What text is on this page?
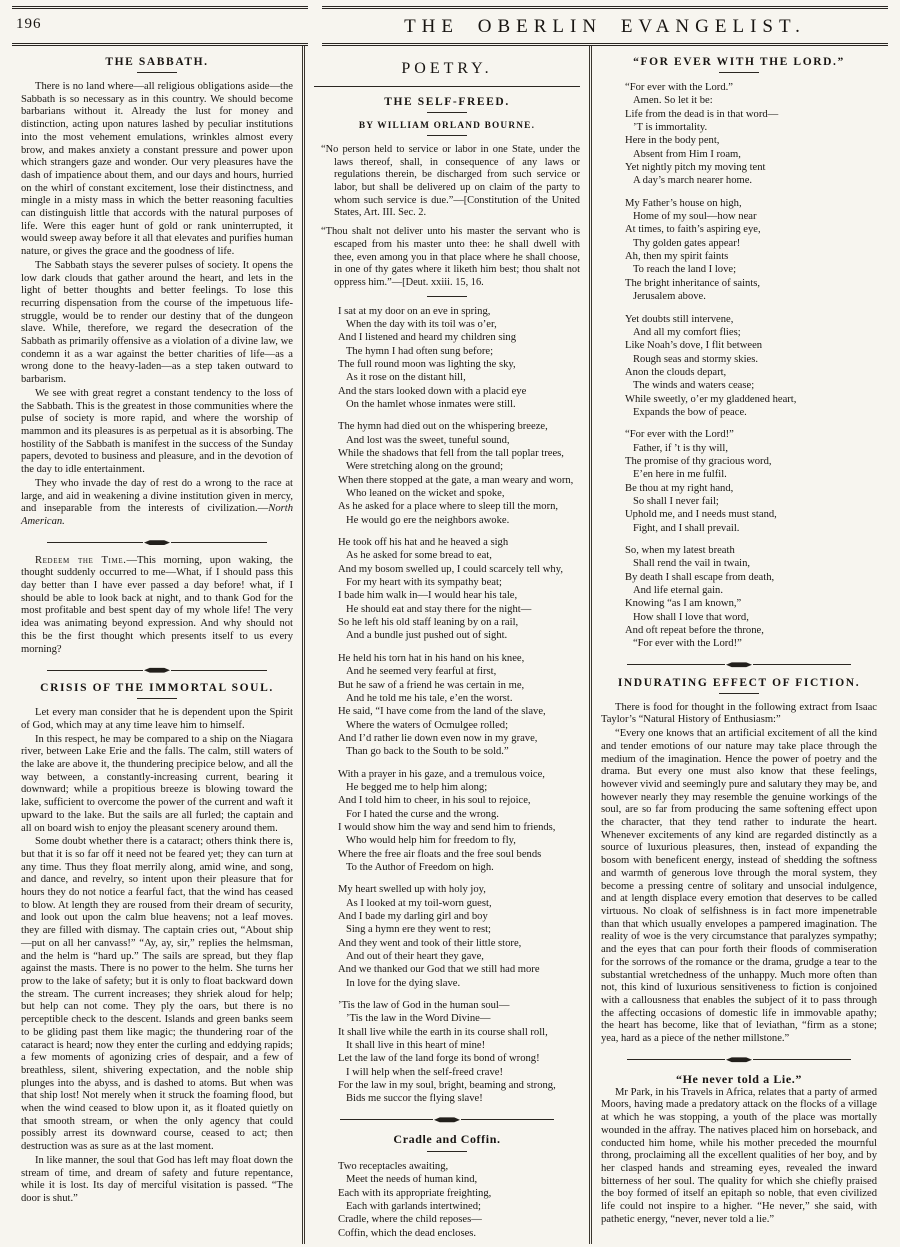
196	THE OBERLIN EVANGELIST.
THE SABBATH.

There is no land where—all religious obligations aside—the Sabbath is so necessary as in this country. We should become barbarians without it. Already the lust for money and distinction, acting upon natures lashed by peculiar institutions into the most vehement emulations, wrinkles almost every brow, and makes anxiety a constant pressure and power upon which strangers gaze and wonder. Our very pleasures have the dash of impatience about them, and our days and hours, hurried on the whirl of constant excitement, lose their distinctness, and mingle in a misty mass in which the better reasoning faculties can distinguish little that accords with the natural purposes of life. Were this eager hunt of gold or rank uninterrupted, it would sweep away before it all that elevates and purifies human nature, or gives the grace and the goodness of life.

The Sabbath stays the severer pulses of society. It opens the low dark clouds that gather around the heart, and lets in the light of better thoughts and better feelings. To lose this recurring dispensation from the course of the impetuous life-struggle, would be to render our destiny that of the dungeon slave. While, therefore, we regard the desecration of the Sabbath as primarily offensive as a violation of a divine law, we condemn it as a war against the better charities of life—as a wrong done to the heavy-laden—as a step taken outward to barbarism.

We see with great regret a constant tendency to the loss of the Sabbath. This is the greatest in those communities where the pulse of society is more rapid, and where the worship of mammon and its pleasures is as perpetual as it is absorbing. The hostility of the Sabbath is manifest in the success of the Sunday papers, devoted to business and pleasure, and in the devotion of the day to idle entertainment.

They who invade the day of rest do a wrong to the race at large, and aid in weakening a divine institution given in mercy, and inseparable from the interests of civilization.—North American.

Redeem the Time.—This morning, upon waking, the thought suddenly occurred to me—What, if I should pass this day better than I have ever passed a day before! what, if I should be able to look back at night, and to thank God for the most profitable and best spent day of my whole life! The very idea was animating beyond expression. And why should not this be the first thought which presents itself to us every morning?

CRISIS OF THE IMMORTAL SOUL.

Let every man consider that he is dependent upon the Spirit of God, which may at any time leave him to himself.

In this respect, he may be compared to a ship on the Niagara river, between Lake Erie and the falls. The calm, still waters of the lake are above it, the thundering precipice below, and all the way between, a constantly-increasing current, bearing it downward; while a propitious breeze is blowing toward the lake, sufficient to overcome the power of the current and waft it upward to the lake. But the sails are all furled; the captain and all on board wish to enjoy the pleasant scenery around them.

Some doubt whether there is a cataract; others think there is, but that it is so far off it need not be feared yet; they can turn at any time. Thus they float merrily along, amid wine, and song, and dance, and revelry, so intent upon their pleasure that for hours they do not notice a fearful fact, that the wind has ceased to blow. At length they are roused from their dream of security, and look out upon the calm blue heavens; not a leaf moves. they are filled with dismay. The captain cries out, “About ship—put on all her canvass!” “Ay, ay, sir,” replies the helmsman, and the helm is “hard up.” The sails are spread, but they flap against the masts. There is no power to the helm. She turns her prow to the lake of safety; but it is only to float backward down the stream. The current increases; they shriek aloud for help; but help can not come. They ply the oars, but there is no perceptible check to the descent. Islands and green banks seem to be gliding past them like magic; the thundering roar of the cataract is heard; now they enter the curling and eddying rapids; a few moments of agonizing cries of despair, and a few of breathless, silent, shivering expectation, and the noble ship plunges into the abyss, and is dashed to atoms. But when was that ship lost! Not merely when it struck the foaming flood, but when the wind ceased to blow upon it, as it floated quietly on that smooth stream, or when the only agency that could possibly arrest its downward course, ceased to act; then destruction was as sure as at the last moment.

In like manner, the soul that God has left may float down the stream of time, and dream of safety and future repentance, while it is lost. Its day of merciful visitation is passed. “The door is shut.”

POETRY.
THE SELF-FREED.
BY WILLIAM ORLAND BOURNE.

“No person held to service or labor in one State, under the laws thereof, shall, in consequence of any laws or regulations therein, be discharged from such service or labor, but shall be delivered up on claim of the party to whom such service is due.”—[Constitution of the United States, Art. III. Sec. 2.

“Thou shalt not deliver unto his master the servant who is escaped from his master unto thee: he shall dwell with thee, even among you in that place where he shall choose, in one of thy gates where it liketh him best; thou shalt not oppress him.”—[Deut. xxiii. 15, 16.

I sat at my door on an eve in spring,
When the day with its toil was o’er,
And I listened and heard my children sing
The hymn I had often sung before;
The full round moon was lighting the sky,
As it rose on the distant hill,
And the stars looked down with a placid eye
On the hamlet whose inmates were still.
The hymn had died out on the whispering breeze,
And lost was the sweet, tuneful sound,
While the shadows that fell from the tall poplar trees,
Were stretching along on the ground;
When there stopped at the gate, a man weary and worn,
Who leaned on the wicket and spoke,
As he asked for a place where to sleep till the morn,
He would go ere the neighbors awoke.
He took off his hat and he heaved a sigh
As he asked for some bread to eat,
And my bosom swelled up, I could scarcely tell why,
For my heart with its sympathy beat;
I bade him walk in—I would hear his tale,
He should eat and stay there for the night—
So he left his old staff leaning by on a rail,
And a bundle just pushed out of sight.
He held his torn hat in his hand on his knee,
And he seemed very fearful at first,
But he saw of a friend he was certain in me,
And he told me his tale, e’en the worst.
He said, “I have come from the land of the slave,
Where the waters of Ocmulgee rolled;
And I’d rather lie down even now in my grave,
Than go back to the South to be sold.”
With a prayer in his gaze, and a tremulous voice,
He begged me to help him along;
And I told him to cheer, in his soul to rejoice,
For I hated the curse and the wrong.
I would show him the way and send him to friends,
Who would help him for freedom to fly,
Where the free air floats and the free soul bends
To the Author of Freedom on high.
My heart swelled up with holy joy,
As I looked at my toil-worn guest,
And I bade my darling girl and boy
Sing a hymn ere they went to rest;
And they went and took of their little store,
And out of their heart they gave,
And we thanked our God that we still had more
In love for the dying slave.
’Tis the law of God in the human soul—
’Tis the law in the Word Divine—
It shall live while the earth in its course shall roll,
It shall live in this heart of mine!
Let the law of the land forge its bond of wrong!
I will help when the self-freed crave!
For the law in my soul, bright, beaming and strong,
Bids me succor the flying slave!
Cradle and Coffin.
Two receptacles awaiting,
Meet the needs of human kind,
Each with its appropriate freighting,
Each with garlands intertwined;
Cradle, where the child reposes—
Coffin, which the dead encloses.
“FOR EVER WITH THE LORD.”
“For ever with the Lord.”
Amen. So let it be:
Life from the dead is in that word—
’T is immortality.
Here in the body pent,
Absent from Him I roam,
Yet nightly pitch my moving tent
A day’s march nearer home.
My Father’s house on high,
Home of my soul—how near
At times, to faith’s aspiring eye,
Thy golden gates appear!
Ah, then my spirit faints
To reach the land I love;
The bright inheritance of saints,
Jerusalem above.
Yet doubts still intervene,
And all my comfort flies;
Like Noah’s dove, I flit between
Rough seas and stormy skies.
Anon the clouds depart,
The winds and waters cease;
While sweetly, o’er my gladdened heart,
Expands the bow of peace.
“For ever with the Lord!”
Father, if ’t is thy will,
The promise of thy gracious word,
E’en here in me fulfil.
Be thou at my right hand,
So shall I never fail;
Uphold me, and I needs must stand,
Fight, and I shall prevail.
So, when my latest breath
Shall rend the vail in twain,
By death I shall escape from death,
And life eternal gain.
Knowing “as I am known,”
How shall I love that word,
And oft repeat before the throne,
“For ever with the Lord!”
INDURATING EFFECT OF FICTION.

There is food for thought in the following extract from Isaac Taylor’s “Natural History of Enthusiasm:”

“Every one knows that an artificial excitement of all the kind and tender emotions of our nature may take place through the medium of the imagination. Hence the power of poetry and the drama. But every one must also know that these feelings, however vivid and seemingly pure and salutary they may be, and however nearly they may resemble the genuine workings of the soul, are so far from producing the same softening effect upon the character, that they tend rather to indurate the heart. Whenever excitements of any kind are regarded distinctly as a source of luxurious pleasures, then, instead of expanding the bosom with beneficent energy, instead of shedding the softness and warmth of generous love through the moral system, they become a pressing centre of solitary and unsocial indulgence, and at length displace every emotion that deserves to be called virtuous. No cloak of selfishness is in fact more impenetrable than that which usually envelopes a pampered imagination. The reality of woe is the very circumstance that paralyzes sympathy; and the eyes that can pour forth their floods of commiseration for the sorrows of the romance or the drama, grudge a tear to the substantial wretchedness of the unhappy. Much more often than not, this kind of luxurious sensitiveness to fiction is conjoined with a callousness that enables the subject of it to pass through the affecting occasions of domestic life in immovable apathy; the heart has become, like that of leviathan, “firm as a stone; yea, hard as a piece of the nether millstone.”

“He never told a Lie.”

Mr Park, in his Travels in Africa, relates that a party of armed Moors, having made a predatory attack on the flocks of a village at which he was stopping, a youth of the place was mortally wounded in the affray. The natives placed him on horseback, and conducted him home, while his mother preceded the mournful throng, proclaiming all the excellent qualities of her boy, and by her clasped hands and streaming eyes, revealed the inward bitterness of her soul. The quality for which she chiefly praised the boy formed of itself an epitaph so noble, that even civilized life could not inspire to a higher. “He never,” she said, with pathetic energy, “never, never told a lie.”
